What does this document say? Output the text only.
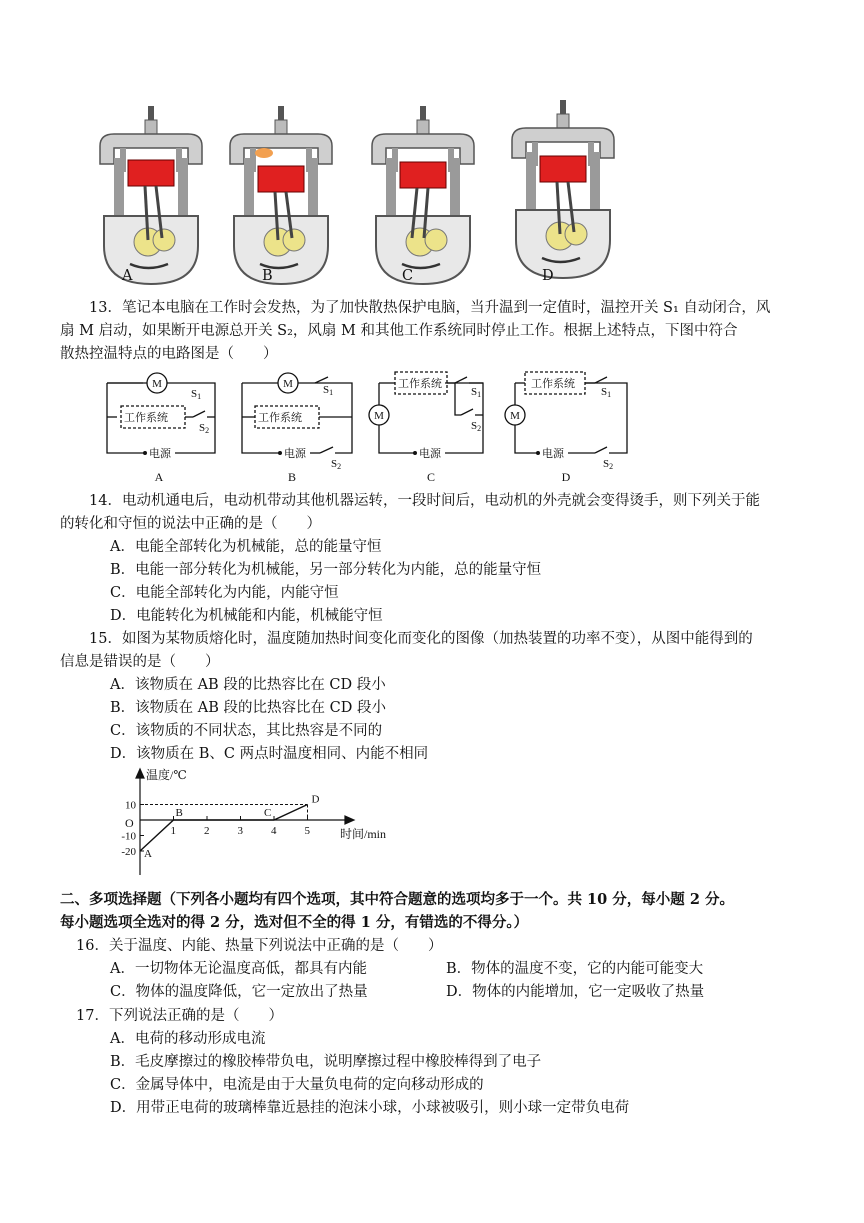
A	B	C	D
13．笔记本电脑在工作时会发热，为了加快散热保护电脑，当升温到一定值时，温控开关 S₁ 自动闭合，风
扇 M 启动，如果断开电源总开关 S₂，风扇 M 和其他工作系统同时停止工作。根据上述特点，下图中符合
散热控温特点的电路图是（　　）
M	M
M	M
工作系统	工作系统
工作系统	工作系统
电源	电源	电源	电源
S1
S2
S1
S2
S1
S2
S1
S2
A	B	C	D
14．电动机通电后，电动机带动其他机器运转，一段时间后，电动机的外壳就会变得烫手，则下列关于能
的转化和守恒的说法中正确的是（　　）
A．电能全部转化为机械能，总的能量守恒
B．电能一部分转化为机械能，另一部分转化为内能，总的能量守恒
C．电能全部转化为内能，内能守恒
D．电能转化为机械能和内能，机械能守恒
15．如图为某物质熔化时，温度随加热时间变化而变化的图像（加热装置的功率不变），从图中能得到的
信息是错误的是（　　）
A．该物质在 AB 段的比热容比在 CD 段小
B．该物质在 AB 段的比热容比在 CD 段小
C．该物质的不同状态，其比热容是不同的
D．该物质在 B、C 两点时温度相同、内能不相同
1	2	3	4	5
10
-10
-20 A
B	C
D
温度/℃
时间/min
O
二、多项选择题（下列各小题均有四个选项，其中符合题意的选项均多于一个。共 10 分，每小题 2 分。
每小题选项全选对的得 2 分，选对但不全的得 1 分，有错选的不得分。）
16．关于温度、内能、热量下列说法中正确的是（　　）
A．一切物体无论温度高低，都具有内能	B．物体的温度不变，它的内能可能变大
C．物体的温度降低，它一定放出了热量	D．物体的内能增加，它一定吸收了热量
17．下列说法正确的是（　　）
A．电荷的移动形成电流
B．毛皮摩擦过的橡胶棒带负电，说明摩擦过程中橡胶棒得到了电子
C．金属导体中，电流是由于大量负电荷的定向移动形成的
D．用带正电荷的玻璃棒靠近悬挂的泡沫小球，小球被吸引，则小球一定带负电荷
